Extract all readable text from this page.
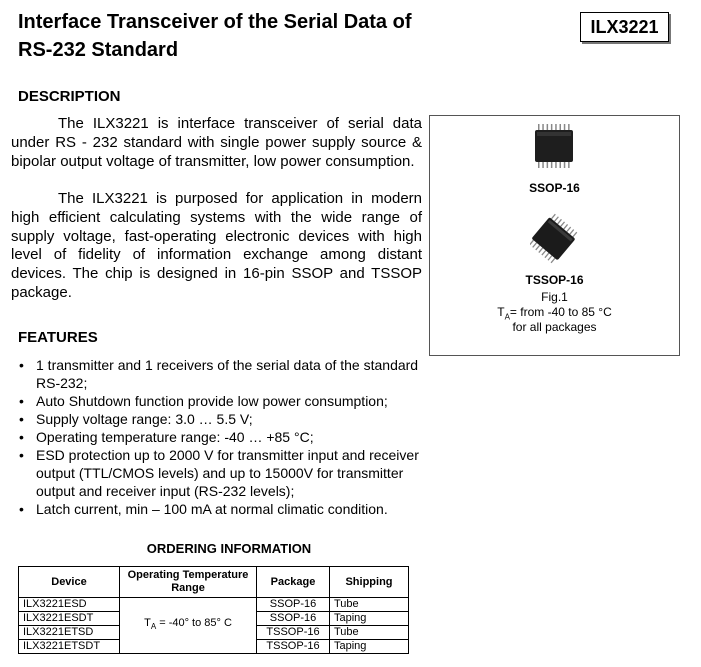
Interface Transceiver of the Serial Data of
RS-232 Standard
ILX3221
DESCRIPTION

The ILX3221 is interface transceiver of serial data under RS - 232 standard with single power supply source & bipolar output voltage of transmitter, low power consumption.

The ILX3221 is purposed for application in modern high efficient calculating systems with the wide range of supply voltage, fast-operating electronic devices with high level of fidelity of information exchange among distant devices. The chip is designed in 16-pin SSOP and TSSOP package.

SSOP-16
TSSOP-16
Fig.1
$T_A=$ from -40 to 85 °C
for all packages
FEATURES
• 1 transmitter and 1 receivers of the serial data of the standard RS-232;
• Auto Shutdown function provide low power consumption;
• Supply voltage range: 3.0 … 5.5 V;
• Operating temperature range: -40 … +85 °C;
• ESD protection up to 2000 V for transmitter input and receiver output (TTL/CMOS levels) and up to 15000V for transmitter output and receiver input (RS-232 levels);
• Latch current, min – 100 mA at normal climatic condition.
ORDERING INFORMATION
Device	Operating Temperature Range	Package	Shipping
ILX3221ESD	$T_A = -40^\circ$ to 85° C	SSOP-16	Tube
ILX3221ESDT		SSOP-16	Taping
ILX3221ETSD		TSSOP-16	Tube
ILX3221ETSDT		TSSOP-16	Taping
